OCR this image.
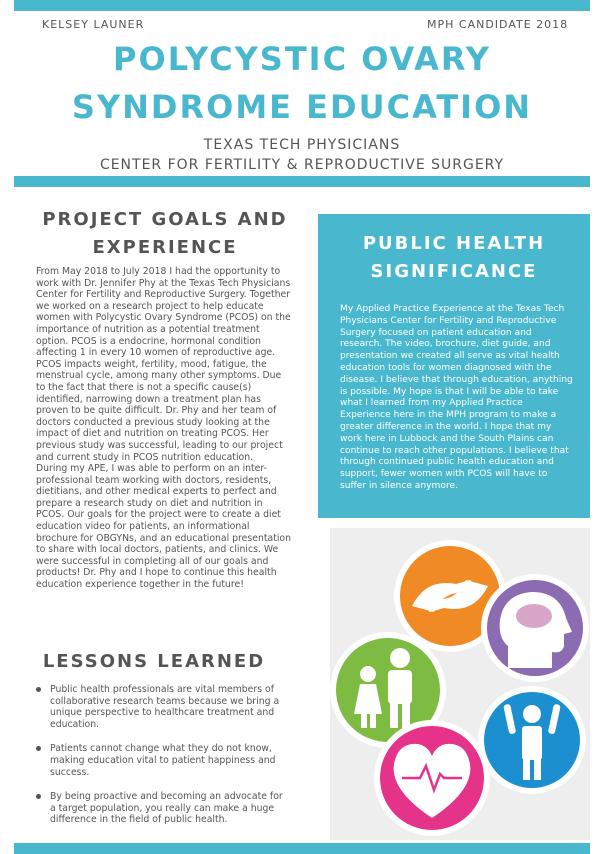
KELSEY LAUNER	MPH CANDIDATE 2018
POLYCYSTIC OVARY
SYNDROME EDUCATION
TEXAS TECH PHYSICIANS
CENTER FOR FERTILITY & REPRODUCTIVE SURGERY
PROJECT GOALS AND
EXPERIENCE
From May 2018 to July 2018 I had the opportunity to work with Dr. Jennifer Phy at the Texas Tech Physicians Center for Fertility and Reproductive Surgery. Together we worked on a research project to help educate women with Polycystic Ovary Syndrome (PCOS) on the importance of nutrition as a potential treatment option. PCOS is a endocrine, hormonal condition affecting 1 in every 10 women of reproductive age. PCOS impacts weight, fertility, mood, fatigue, the menstrual cycle, among many other symptoms. Due to the fact that there is not a specific cause(s) identified, narrowing down a treatment plan has proven to be quite difficult. Dr. Phy and her team of doctors conducted a previous study looking at the impact of diet and nutrition on treating PCOS. Her previous study was successful, leading to our project and current study in PCOS nutrition education.
During my APE, I was able to perform on an inter-professional team working with doctors, residents, dietitians, and other medical experts to perfect and prepare a research study on diet and nutrition in PCOS. Our goals for the project were to create a diet education video for patients, an informational brochure for OBGYNs, and an educational presentation to share with local doctors, patients, and clinics. We were successful in completing all of our goals and products! Dr. Phy and I hope to continue this health education experience together in the future!
LESSONS LEARNED
Public health professionals are vital members of collaborative research teams because we bring a unique perspective to healthcare treatment and education.
Patients cannot change what they do not know, making education vital to patient happiness and success.
By being proactive and becoming an advocate for a target population, you really can make a huge difference in the field of public health.
PUBLIC HEALTH
SIGNIFICANCE
My Applied Practice Experience at the Texas Tech Physicians Center for Fertility and Reproductive Surgery focused on patient education and research. The video, brochure, diet guide, and presentation we created all serve as vital health education tools for women diagnosed with the disease. I believe that through education, anything is possible. My hope is that I will be able to take what I learned from my Applied Practice Experience here in the MPH program to make a greater difference in the world. I hope that my work here in Lubbock and the South Plains can continue to reach other populations. I believe that through continued public health education and support, fewer women with PCOS will have to suffer in silence anymore.
